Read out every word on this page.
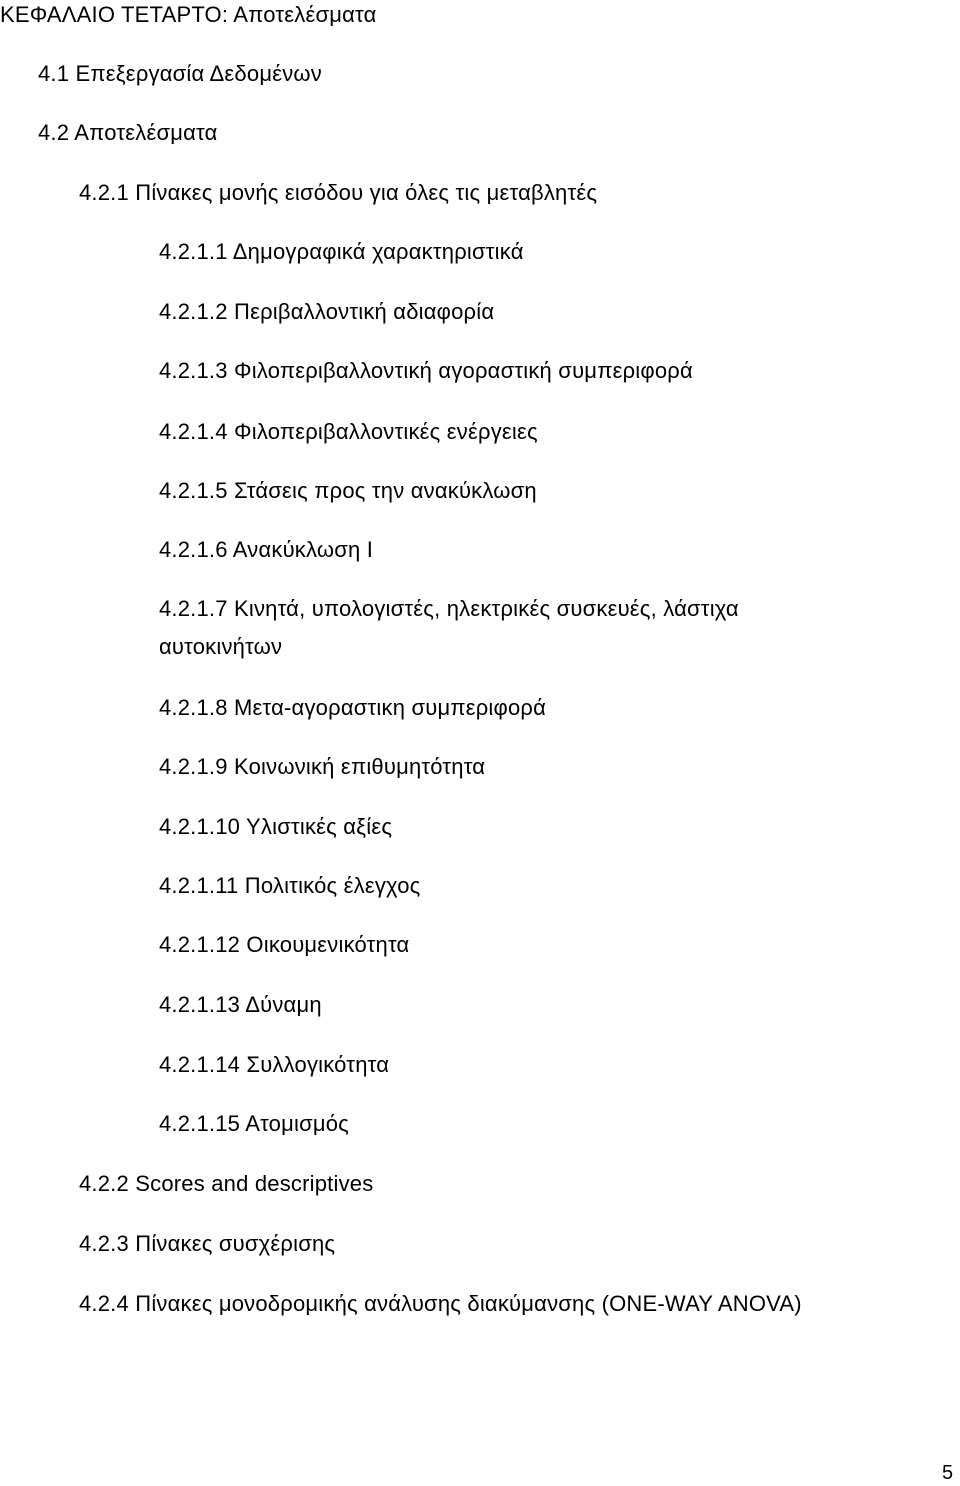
ΚΕΦΑΛΑΙΟ ΤΕΤΑΡΤΟ: Αποτελέσματα
4.1 Επεξεργασία Δεδομένων
4.2 Αποτελέσματα
4.2.1 Πίνακες μονής εισόδου για όλες τις μεταβλητές
4.2.1.1 Δημογραφικά χαρακτηριστικά
4.2.1.2 Περιβαλλοντική αδιαφορία
4.2.1.3 Φιλοπεριβαλλοντική αγοραστική συμπεριφορά
4.2.1.4 Φιλοπεριβαλλοντικές ενέργειες
4.2.1.5 Στάσεις προς την ανακύκλωση
4.2.1.6 Ανακύκλωση Ι
4.2.1.7 Κινητά, υπολογιστές, ηλεκτρικές συσκευές, λάστιχα αυτοκινήτων
4.2.1.8 Μετα-αγοραστικη συμπεριφορά
4.2.1.9 Κοινωνική επιθυμητότητα
4.2.1.10 Υλιστικές αξίες
4.2.1.11 Πολιτικός έλεγχος
4.2.1.12 Οικουμενικότητα
4.2.1.13 Δύναμη
4.2.1.14 Συλλογικότητα
4.2.1.15 Ατομισμός
4.2.2 Scores and descriptives
4.2.3 Πίνακες συσχέρισης
4.2.4 Πίνακες μονοδρομικής ανάλυσης διακύμανσης (ONE-WAY ANOVA)
5
